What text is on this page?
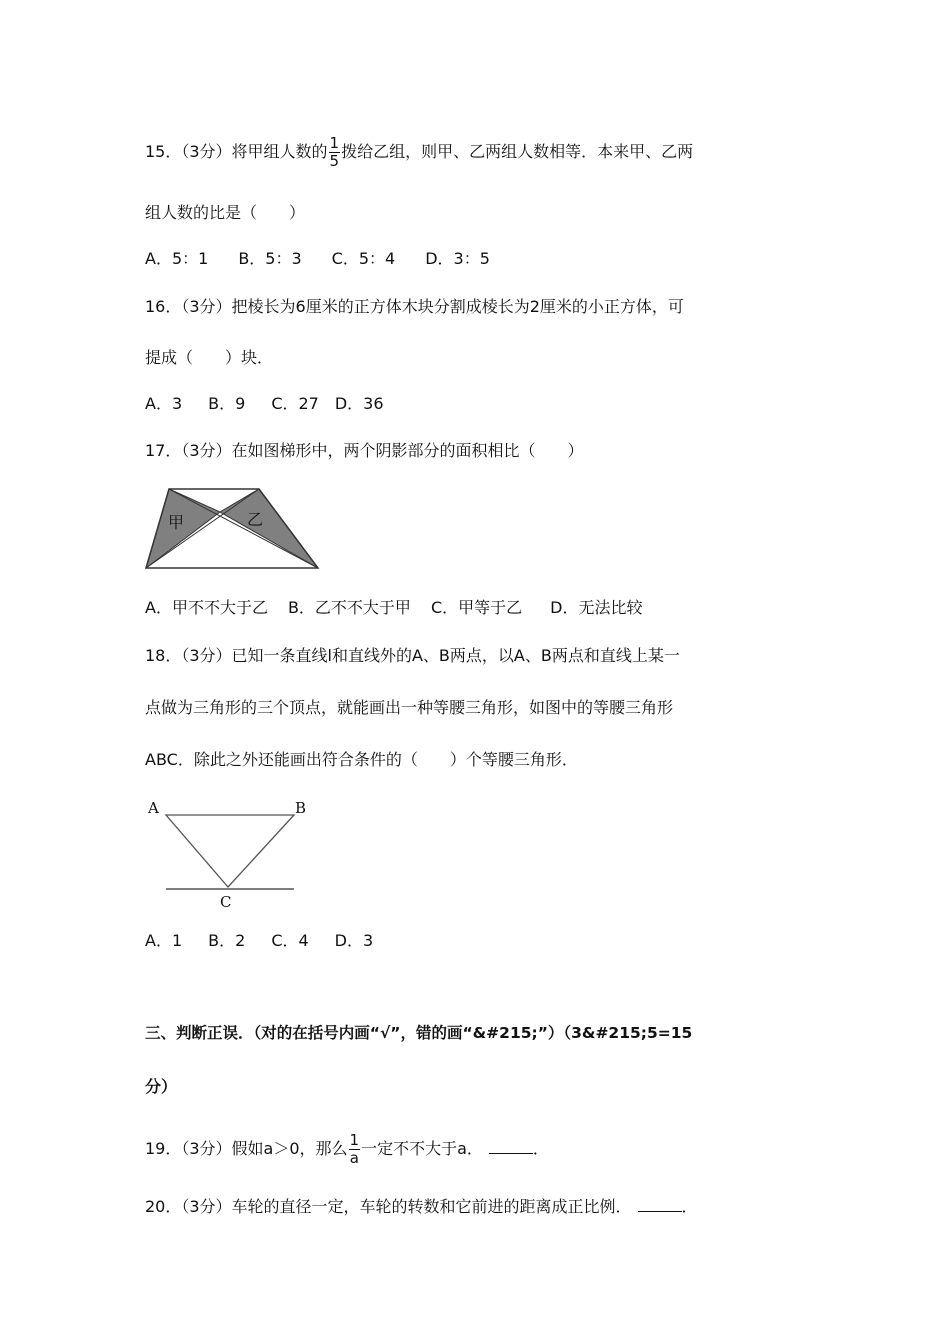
15．（3分）将甲组人数的 $\frac{1}{5}$ 拨给乙组，则甲、乙两组人数相等．本来甲、乙两
组人数的比是（　　）
A．5：1 B．5：3 C．5：4 D．3：5
16．（3分）把棱长为6厘米的正方体木块分割成棱长为2厘米的小正方体，可
提成（　　）块．
A．3 B．9 C．27 D．36
17．（3分）在如图梯形中，两个阴影部分的面积相比（　　）
甲	乙
A．甲不不大于乙 B．乙不不大于甲 C．甲等于乙 D．无法比较
18．（3分）已知一条直线l和直线外的A、B两点，以A、B两点和直线上某一
点做为三角形的三个顶点，就能画出一种等腰三角形，如图中的等腰三角形
ABC．除此之外还能画出符合条件的（　　）个等腰三角形．
A	B
C
A．1 B．2 C．4 D．3
三、判断正误．（对的在括号内画“√”，错的画“&#215;”）（3&#215;5=15
分）
19．（3分）假如a＞0，那么 $\frac{1}{a}$ 一定不不大于a．	．
20．（3分）车轮的直径一定，车轮的转数和它前进的距离成正比例．	．
